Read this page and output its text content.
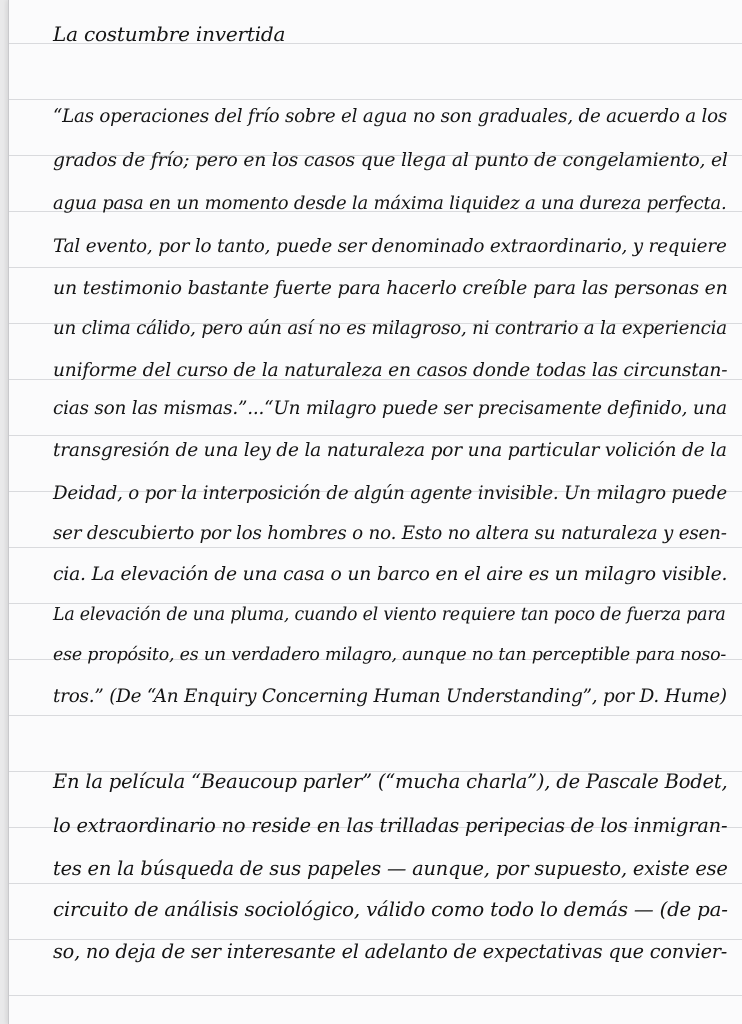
La costumbre invertida
“Las operaciones del frío sobre el agua no son graduales, de acuerdo a los
grados de frío; pero en los casos que llega al punto de congelamiento, el
agua pasa en un momento desde la máxima liquidez a una dureza perfecta.
Tal evento, por lo tanto, puede ser denominado extraordinario, y requiere
un testimonio bastante fuerte para hacerlo creíble para las personas en
un clima cálido, pero aún así no es milagroso, ni contrario a la experiencia
uniforme del curso de la naturaleza en casos donde todas las circunstan-
cias son las mismas.”...“Un milagro puede ser precisamente definido, una
transgresión de una ley de la naturaleza por una particular volición de la
Deidad, o por la interposición de algún agente invisible. Un milagro puede
ser descubierto por los hombres o no. Esto no altera su naturaleza y esen-
cia. La elevación de una casa o un barco en el aire es un milagro visible.
La elevación de una pluma, cuando el viento requiere tan poco de fuerza para
ese propósito, es un verdadero milagro, aunque no tan perceptible para noso-
tros.” (De “An Enquiry Concerning Human Understanding”, por D. Hume)
En la película “Beaucoup parler” (“mucha charla”), de Pascale Bodet,
lo extraordinario no reside en las trilladas peripecias de los inmigran-
tes en la búsqueda de sus papeles — aunque, por supuesto, existe ese
circuito de análisis sociológico, válido como todo lo demás — (de pa-
so, no deja de ser interesante el adelanto de expectativas que convier-
